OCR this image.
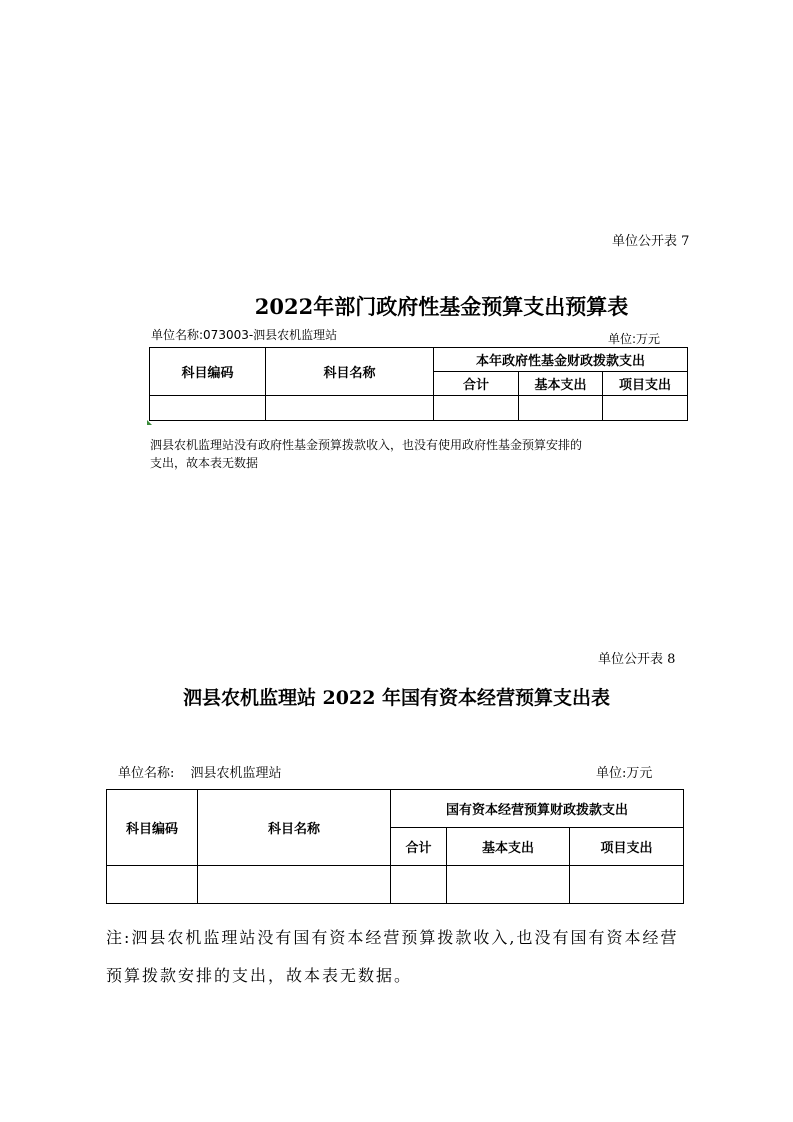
单位公开表 7
2022年部门政府性基金预算支出预算表
单位名称:073003-泗县农机监理站	单位:万元
科目编码	科目名称	本年政府性基金财政拨款支出		
		合计	基本支出	项目支出

泗县农机监理站没有政府性基金预算拨款收入，也没有使用政府性基金预算安排的
支出，故本表无数据
单位公开表 8
泗县农机监理站 2022 年国有资本经营预算支出表
单位名称: 泗县农机监理站	单位:万元
科目编码	科目名称	国有资本经营预算财政拨款支出		
		合计	基本支出	项目支出

注:泗县农机监理站没有国有资本经营预算拨款收入,也没有国有资本经营
预算拨款安排的支出，故本表无数据。
